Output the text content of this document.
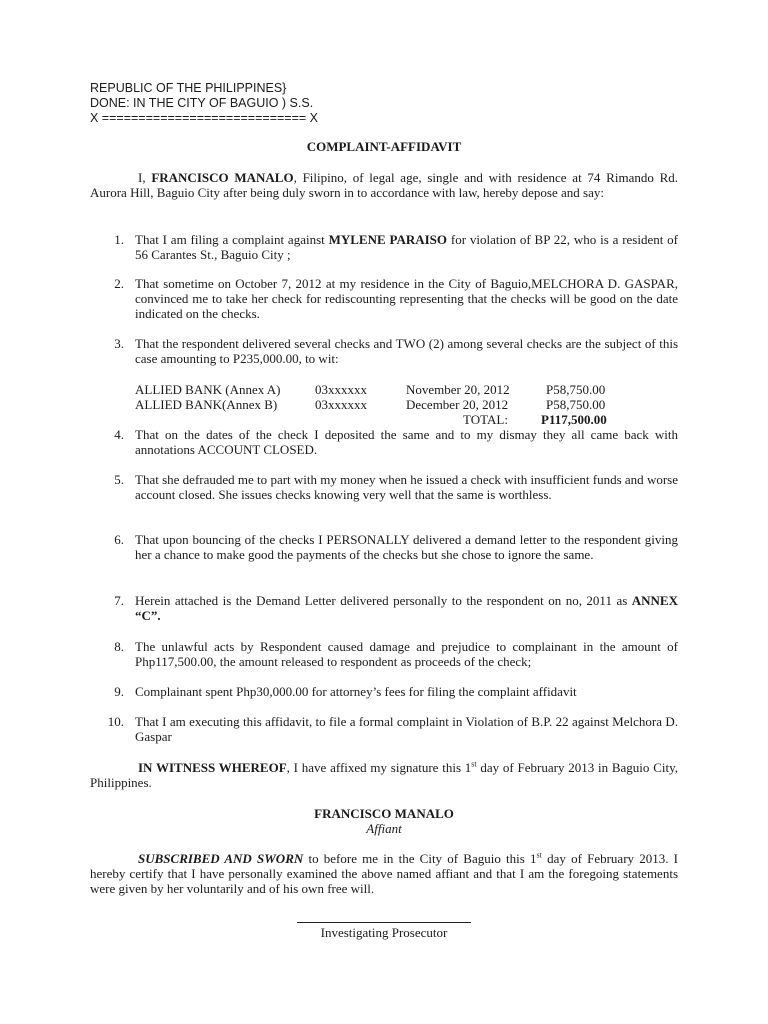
REPUBLIC OF THE PHILIPPINES}
DONE: IN THE CITY OF BAGUIO ) S.S.
X ============================ X
COMPLAINT-AFFIDAVIT
I, FRANCISCO MANALO, Filipino, of legal age, single and with residence at 74 Rimando Rd. Aurora Hill, Baguio City after being duly sworn in to accordance with law, hereby depose and say:
1. That I am filing a complaint against MYLENE PARAISO for violation of BP 22, who is a resident of 56 Carantes St., Baguio City ;
2. That sometime on October 7, 2012 at my residence in the City of Baguio,MELCHORA D. GASPAR, convinced me to take her check for rediscounting representing that the checks will be good on the date indicated on the checks.
3. That the respondent delivered several checks and TWO (2) among several checks are the subject of this case amounting to P235,000.00, to wit:
ALLIED BANK (Annex A)	03xxxxxx	November 20, 2012	P58,750.00
ALLIED BANK(Annex B)	03xxxxxx	December 20, 2012	P58,750.00
TOTAL:	P117,500.00
4. That on the dates of the check I deposited the same and to my dismay they all came back with annotations ACCOUNT CLOSED.
5. That she defrauded me to part with my money when he issued a check with insufficient funds and worse account closed. She issues checks knowing very well that the same is worthless.
6. That upon bouncing of the checks I PERSONALLY delivered a demand letter to the respondent giving her a chance to make good the payments of the checks but she chose to ignore the same.
7. Herein attached is the Demand Letter delivered personally to the respondent on no, 2011 as ANNEX “C”.
8. The unlawful acts by Respondent caused damage and prejudice to complainant in the amount of Php117,500.00, the amount released to respondent as proceeds of the check;
9. Complainant spent Php30,000.00 for attorney’s fees for filing the complaint affidavit
10. That I am executing this affidavit, to file a formal complaint in Violation of B.P. 22 against Melchora D. Gaspar
IN WITNESS WHEREOF, I have affixed my signature this 1st day of February 2013 in Baguio City, Philippines.
FRANCISCO MANALO
Affiant
SUBSCRIBED AND SWORN to before me in the City of Baguio this 1st day of February 2013. I hereby certify that I have personally examined the above named affiant and that I am the foregoing statements were given by her voluntarily and of his own free will.
Investigating Prosecutor
